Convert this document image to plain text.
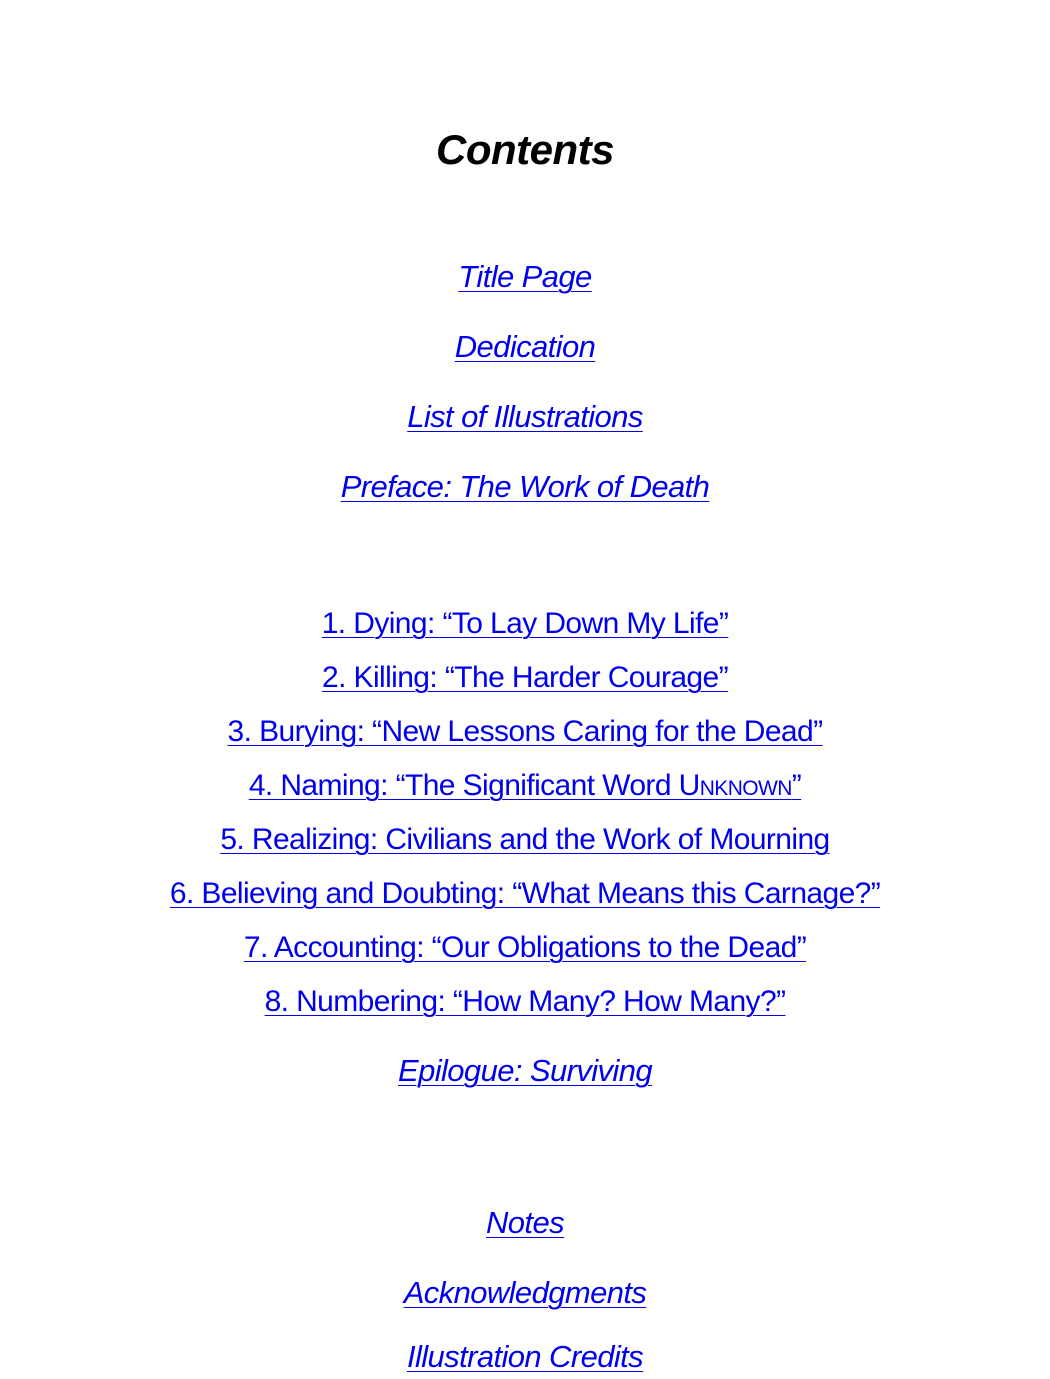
Contents
Title Page
Dedication
List of Illustrations
Preface: The Work of Death
1. Dying: “To Lay Down My Life”
2. Killing: “The Harder Courage”
3. Burying: “New Lessons Caring for the Dead”
4. Naming: “The Significant Word Unknown”
5. Realizing: Civilians and the Work of Mourning
6. Believing and Doubting: “What Means this Carnage?”
7. Accounting: “Our Obligations to the Dead”
8. Numbering: “How Many? How Many?”
Epilogue: Surviving
Notes
Acknowledgments
Illustration Credits
